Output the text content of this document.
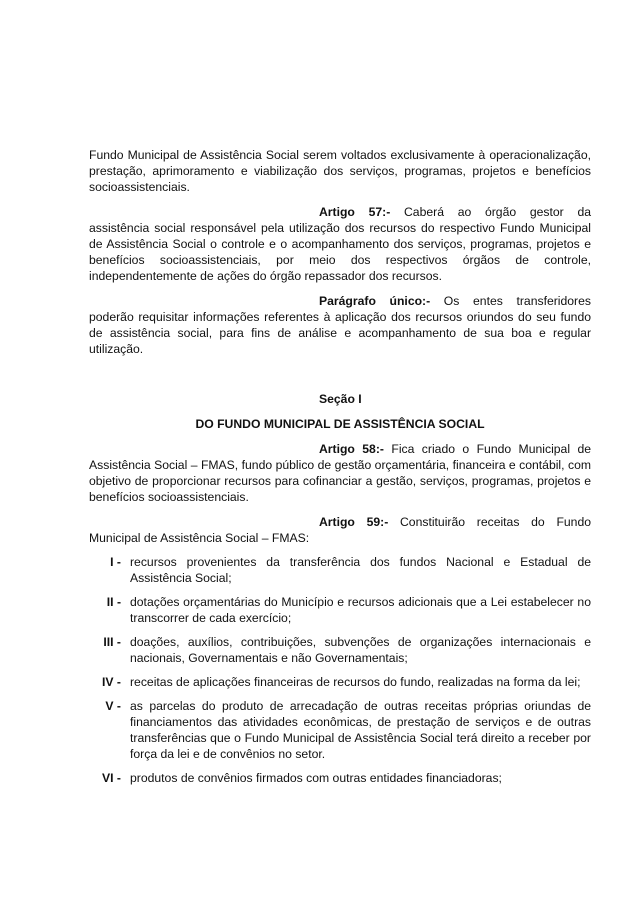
Fundo Municipal de Assistência Social serem voltados exclusivamente à operacionalização, prestação, aprimoramento e viabilização dos serviços, programas, projetos e benefícios socioassistenciais.

Artigo 57:- Caberá ao órgão gestor da

assistência social responsável pela utilização dos recursos do respectivo Fundo Municipal de Assistência Social o controle e o acompanhamento dos serviços, programas, projetos e benefícios socioassistenciais, por meio dos respectivos órgãos de controle, independentemente de ações do órgão repassador dos recursos.

Parágrafo único:- Os entes transferidores

poderão requisitar informações referentes à aplicação dos recursos oriundos do seu fundo de assistência social, para fins de análise e acompanhamento de sua boa e regular utilização.

Seção I

DO FUNDO MUNICIPAL DE ASSISTÊNCIA SOCIAL

Artigo 58:- Fica criado o Fundo Municipal de

Assistência Social – FMAS, fundo público de gestão orçamentária, financeira e contábil, com objetivo de proporcionar recursos para cofinanciar a gestão, serviços, programas, projetos e benefícios socioassistenciais.

Artigo 59:- Constituirão receitas do Fundo

Municipal de Assistência Social – FMAS:

I - recursos provenientes da transferência dos fundos Nacional e Estadual de Assistência Social;
II - dotações orçamentárias do Município e recursos adicionais que a Lei estabelecer no transcorrer de cada exercício;
III - doações, auxílios, contribuições, subvenções de organizações internacionais e nacionais, Governamentais e não Governamentais;
IV - receitas de aplicações financeiras de recursos do fundo, realizadas na forma da lei;
V - as parcelas do produto de arrecadação de outras receitas próprias oriundas de financiamentos das atividades econômicas, de prestação de serviços e de outras transferências que o Fundo Municipal de Assistência Social terá direito a receber por força da lei e de convênios no setor.
VI - produtos de convênios firmados com outras entidades financiadoras;
